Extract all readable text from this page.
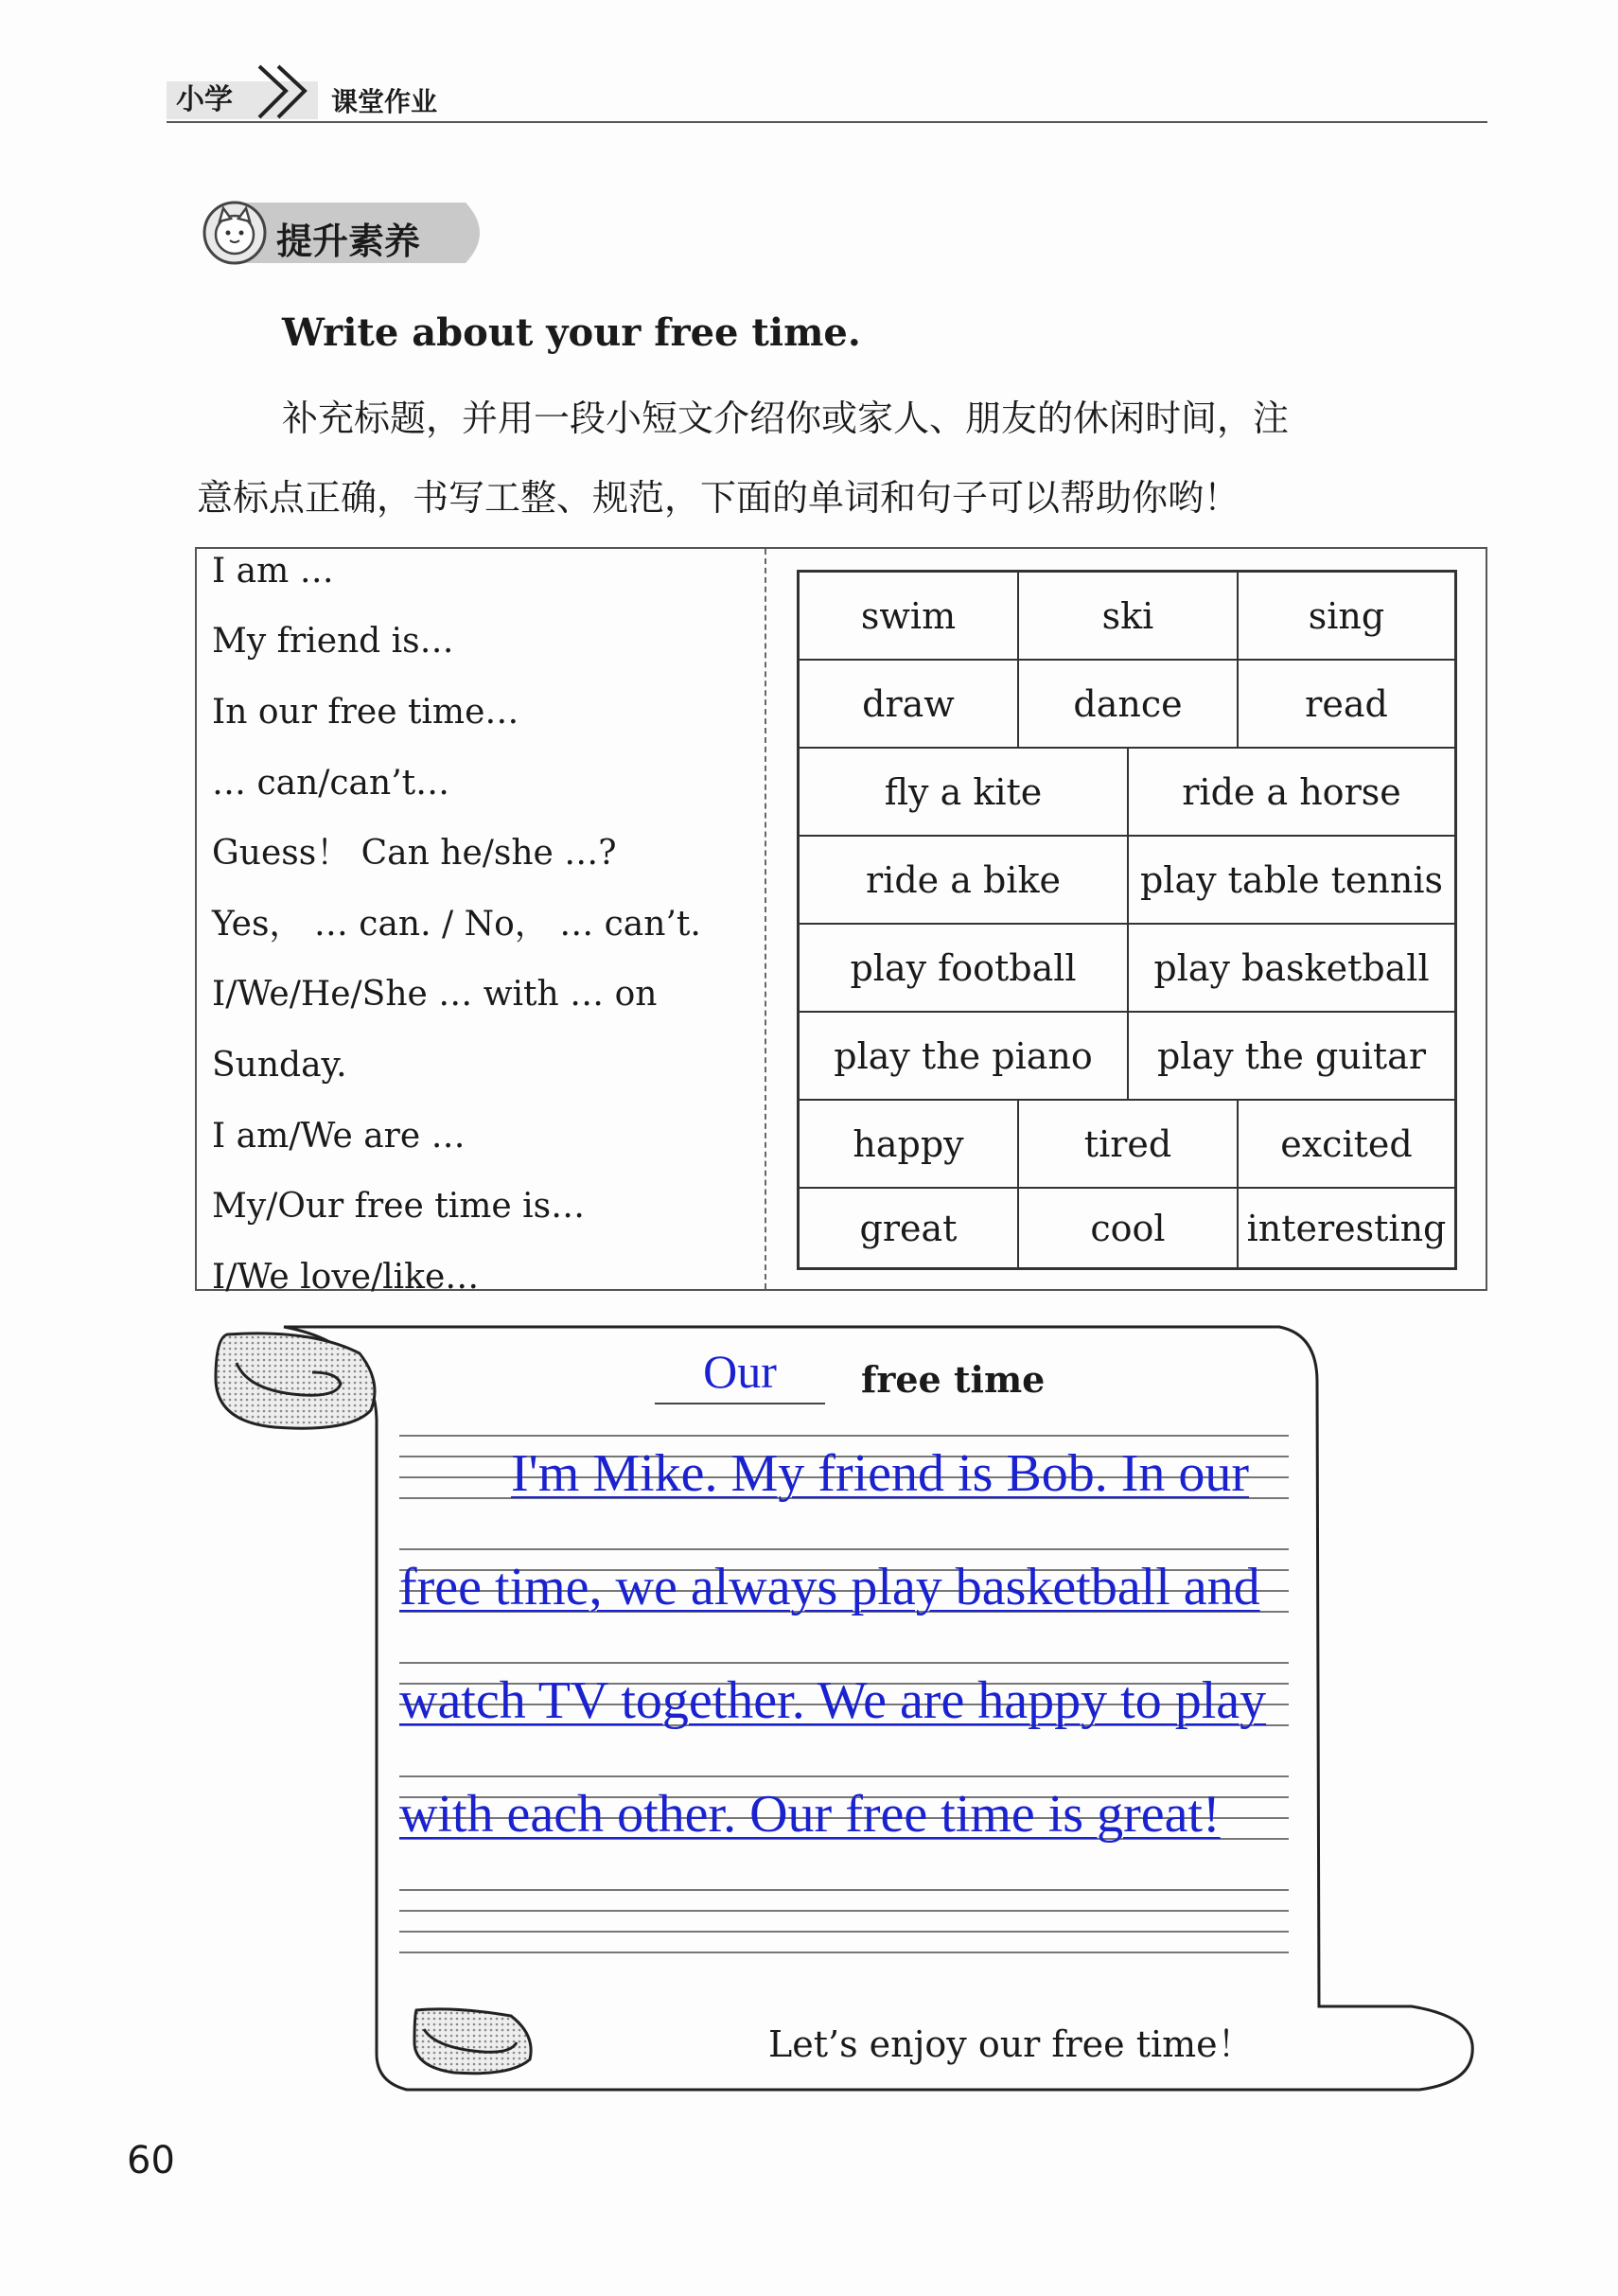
小学	课堂作业
提升素养
Write about your free time.
补充标题，并用一段小短文介绍你或家人、朋友的休闲时间，注
意标点正确，书写工整、规范，下面的单词和句子可以帮助你哟！
I am …
My friend is…
In our free time…
… can/can’t…
Guess！ Can he/she …?
Yes， … can. / No， … can’t.
I/We/He/She … with … on
Sunday.
I am/We are …
My/Our free time is…
I/We love/like…
swim	ski	sing
draw	dance	read
fly a kite	ride a horse
ride a bike	play table tennis
play football	play basketball
play the piano	play the guitar
happy	tired	excited
great	cool	interesting
Our	free time
I'm Mike. My friend is Bob. In our
free time, we always play basketball and
watch TV together. We are happy to play
with each other. Our free time is great!
Let’s enjoy our free time！
60
